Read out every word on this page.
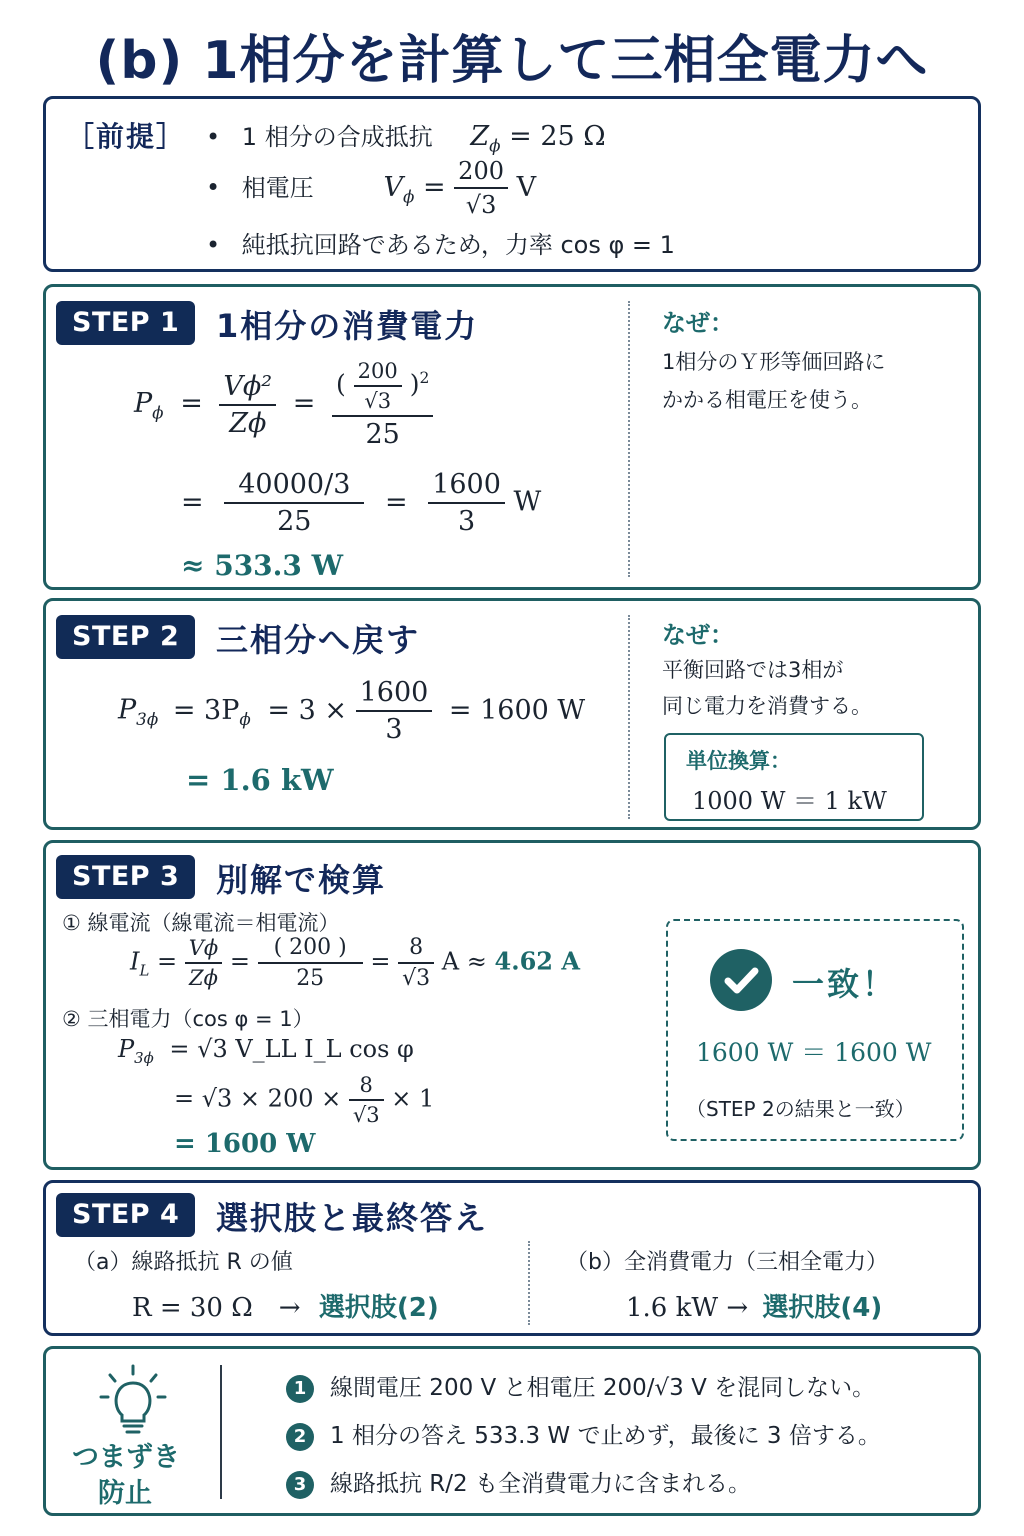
(b) 1相分を計算して三相全電力へ
［前提］ • 1 相分の合成抵抗 $Z_\phi = 25$ Ω
• 相電圧	$V_\phi = \frac{200}{√3}$ V
• 純抵抗回路であるため，力率 cos φ = 1
STEP 1	1相分の消費電力
$P_\phi = \frac{\text{Vϕ²}}{Z\phi} = \frac{( \frac{200}{√3} )^2}{25}$
= $\frac{40000/3}{25} = \frac{1600}{3}$ W
≈ 533.3 W
なぜ：
1相分のＹ形等価回路に
かかる相電圧を使う。
STEP 2	三相分へ戻す
$P_{3\phi} = 3P_\phi = 3 \times \frac{1600}{3} = 1600$ W
= 1.6 kW
なぜ：
平衡回路では3相が
同じ電力を消費する。
単位換算：
1000 W ＝ 1 kW
STEP 3	別解で検算
① 線電流（線電流＝相電流）
$I_L = \frac{V\phi}{Z\phi} = \frac{( 200 )}{25} = \frac{8}{√3}$ A ≈ 4.62 A
② 三相電力（cos φ = 1）
$P_{3\phi} = √3$ V_LL I_L cos φ
= $√3 \times 200 \times \frac{8}{√3} \times 1$
= 1600 W
一致！
1600 W ＝ 1600 W
（STEP 2の結果と一致）
STEP 4	選択肢と最終答え
（a）線路抵抗 R の値
R = 30 Ω　→ 選択肢(2)
（b）全消費電力（三相全電力）
1.6 kW → 選択肢(4)
つまずき
防止
1 線間電圧 200 V と相電圧 200/√3 V を混同しない。
2 1 相分の答え 533.3 W で止めず，最後に 3 倍する。
3 線路抵抗 R/2 も全消費電力に含まれる。
